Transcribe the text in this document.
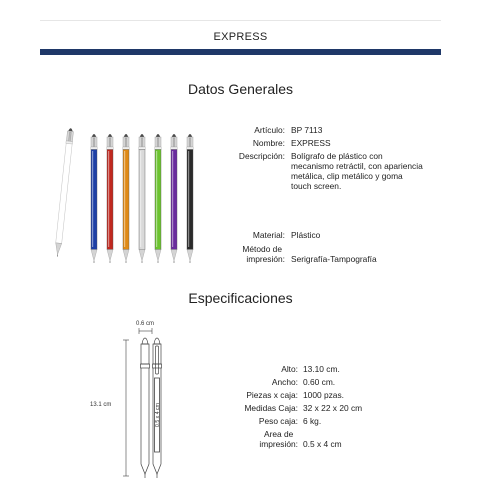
EXPRESS
Datos Generales
Artículo: BP 7113
Nombre: EXPRESS
Descripción: Bolígrafo de plástico con
mecanismo retráctil, con apariencia
metálica, clip metálico y goma
touch screen.
Material: Plástico
Método de
impresión: Serigrafía-Tampografía
Especificaciones
0.6 cm
13.1 cm	0.5 x 4 cm
Alto: 13.10 cm.
Ancho: 0.60 cm.
Piezas x caja: 1000 pzas.
Medidas Caja: 32 x 22 x 20 cm
Peso caja: 6 kg.
Area de
impresión: 0.5 x 4 cm
